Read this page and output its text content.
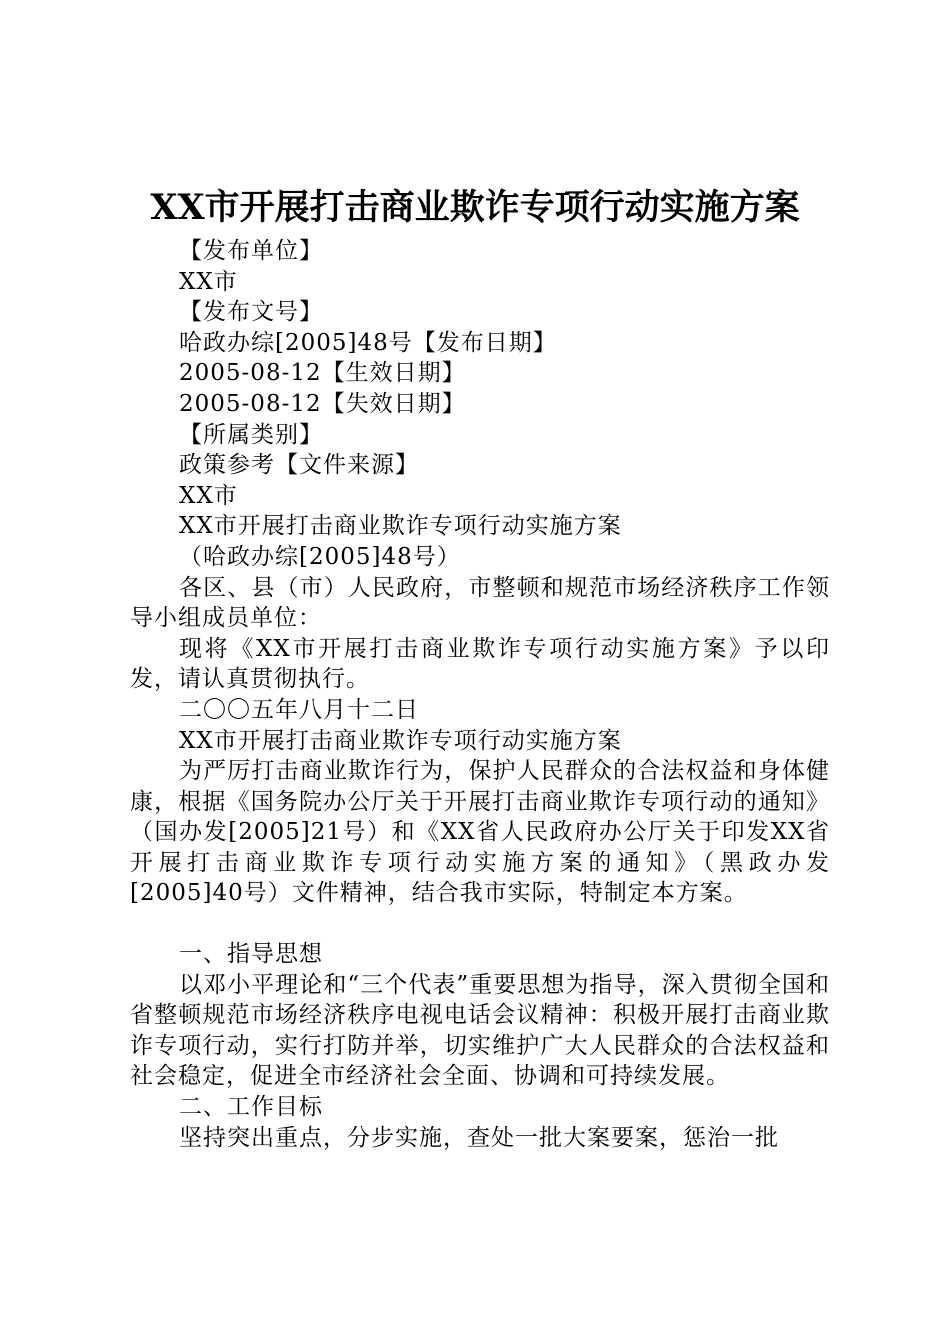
XX市开展打击商业欺诈专项行动实施方案

【发布单位】

XX市

【发布文号】

哈政办综[2005]48号【发布日期】

2005-08-12【生效日期】

2005-08-12【失效日期】

【所属类别】

政策参考【文件来源】

XX市

XX市开展打击商业欺诈专项行动实施方案

（哈政办综[2005]48号）

各区、县（市）人民政府，市整顿和规范市场经济秩序工作领导小组成员单位：

现将《XX市开展打击商业欺诈专项行动实施方案》予以印发，请认真贯彻执行。

二〇〇五年八月十二日

XX市开展打击商业欺诈专项行动实施方案

为严厉打击商业欺诈行为，保护人民群众的合法权益和身体健康，根据《国务院办公厅关于开展打击商业欺诈专项行动的通知》（国办发[2005]21号）和《XX省人民政府办公厅关于印发XX省开展打击商业欺诈专项行动实施方案的通知》（黑政办发[2005]40号）文件精神，结合我市实际，特制定本方案。

一、指导思想

以邓小平理论和“三个代表”重要思想为指导，深入贯彻全国和省整顿规范市场经济秩序电视电话会议精神：积极开展打击商业欺诈专项行动，实行打防并举，切实维护广大人民群众的合法权益和社会稳定，促进全市经济社会全面、协调和可持续发展。

二、工作目标

坚持突出重点，分步实施，查处一批大案要案，惩治一批
